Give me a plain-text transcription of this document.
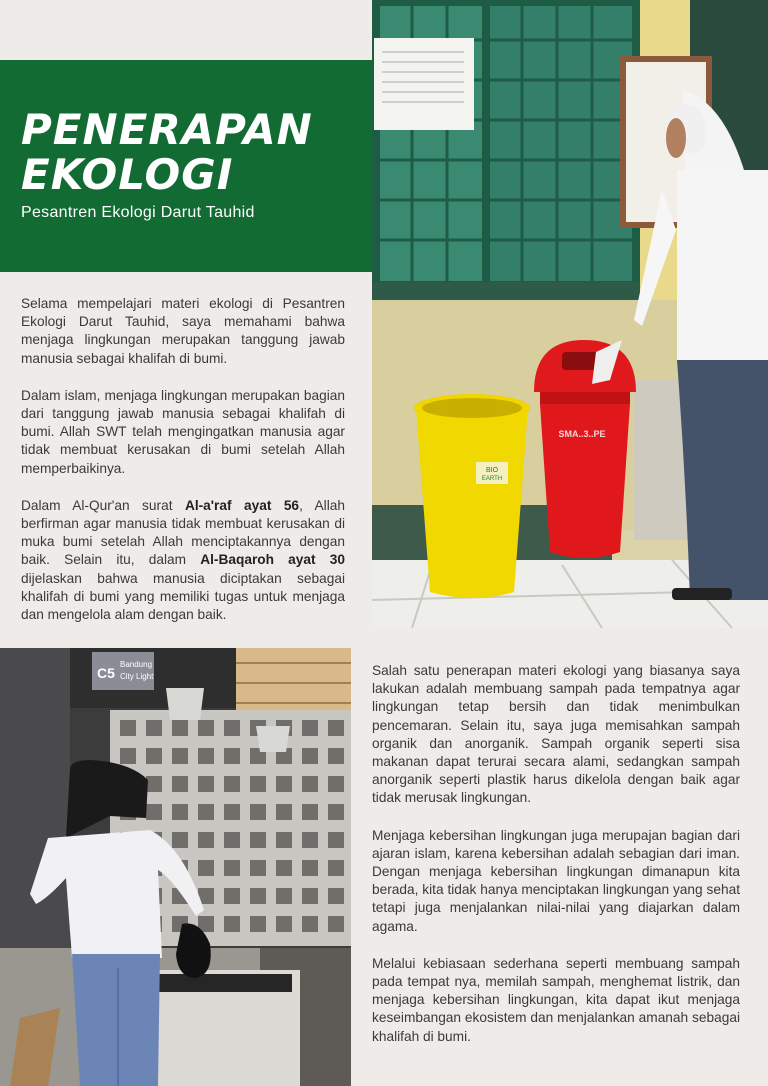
PENERAPAN
EKOLOGI
Pesantren Ekologi Darut Tauhid
BIO
EARTH
SMA..3..PE

Selama mempelajari materi ekologi di Pesantren Ekologi Darut Tauhid, saya memahami bahwa menjaga lingkungan merupakan tanggung jawab manusia sebagai khalifah di bumi.

Dalam islam, menjaga lingkungan merupakan bagian dari tanggung jawab manusia sebagai khalifah di bumi. Allah SWT telah mengingatkan manusia agar tidak membuat kerusakan di bumi setelah Allah memperbaikinya.

Dalam Al-Qur'an surat Al-a'raf ayat 56, Allah berfirman agar manusia tidak membuat kerusakan di muka bumi setelah Allah menciptakannya dengan baik. Selain itu, dalam Al-Baqaroh ayat 30 dijelaskan bahwa manusia diciptakan sebagai khalifah di bumi yang memiliki tugas untuk menjaga dan mengelola alam dengan baik.

C5
Bandung
City Light	Salah satu penerapan materi ekologi yang biasanya saya lakukan adalah membuang sampah pada tempatnya agar lingkungan tetap bersih dan tidak menimbulkan pencemaran. Selain itu, saya juga memisahkan sampah organik dan anorganik. Sampah organik seperti sisa makanan dapat terurai secara alami, sedangkan sampah anorganik seperti plastik harus dikelola dengan baik agar tidak merusak lingkungan.

Menjaga kebersihan lingkungan juga merupajan bagian dari ajaran islam, karena kebersihan adalah sebagian dari iman. Dengan menjaga kebersihan lingkungan dimanapun kita berada, kita tidak hanya menciptakan lingkungan yang sehat tetapi juga menjalankan nilai-nilai yang diajarkan dalam agama.

Melalui kebiasaan sederhana seperti membuang sampah pada tempat nya, memilah sampah, menghemat listrik, dan menjaga kebersihan lingkungan, kita dapat ikut menjaga keseimbangan ekosistem dan menjalankan amanah sebagai khalifah di bumi.
